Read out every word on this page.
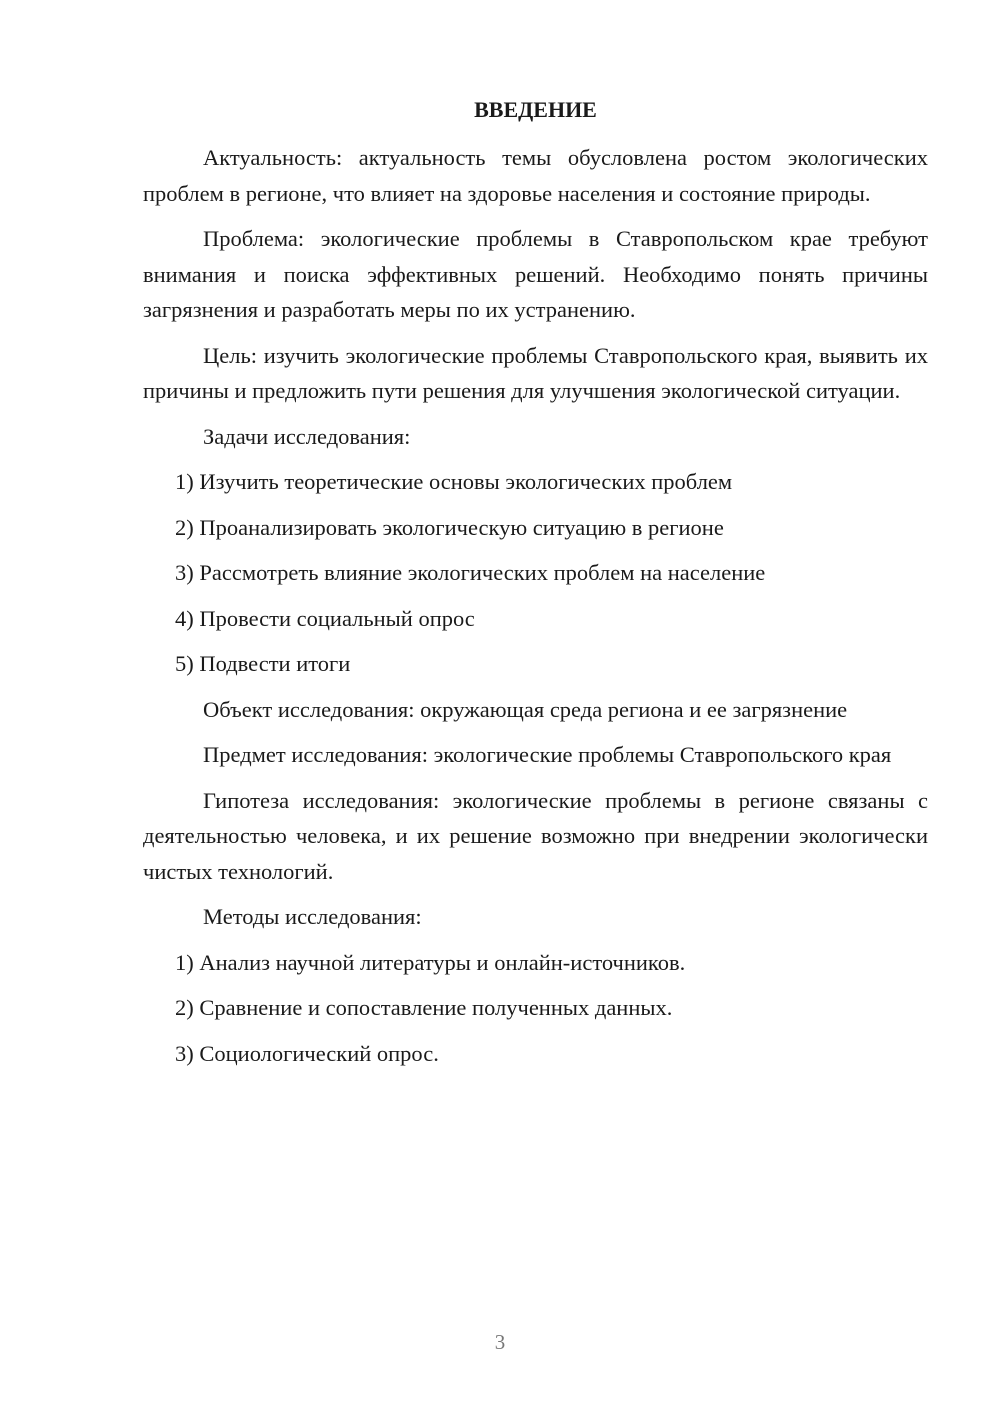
ВВЕДЕНИЕ

Актуальность: актуальность темы обусловлена ростом экологических проблем в регионе, что влияет на здоровье населения и состояние природы.

Проблема: экологические проблемы в Ставропольском крае требуют внимания и поиска эффективных решений. Необходимо понять причины загрязнения и разработать меры по их устранению.

Цель: изучить экологические проблемы Ставропольского края, выявить их причины и предложить пути решения для улучшения экологической ситуации.

Задачи исследования:

1) Изучить теоретические основы экологических проблем
2) Проанализировать экологическую ситуацию в регионе
3) Рассмотреть влияние экологических проблем на население
4) Провести социальный опрос
5) Подвести итоги

Объект исследования: окружающая среда региона и ее загрязнение

Предмет исследования: экологические проблемы Ставропольского края

Гипотеза исследования: экологические проблемы в регионе связаны с деятельностью человека, и их решение возможно при внедрении экологически чистых технологий.

Методы исследования:

1) Анализ научной литературы и онлайн-источников.
2) Сравнение и сопоставление полученных данных.
3) Социологический опрос.
3
